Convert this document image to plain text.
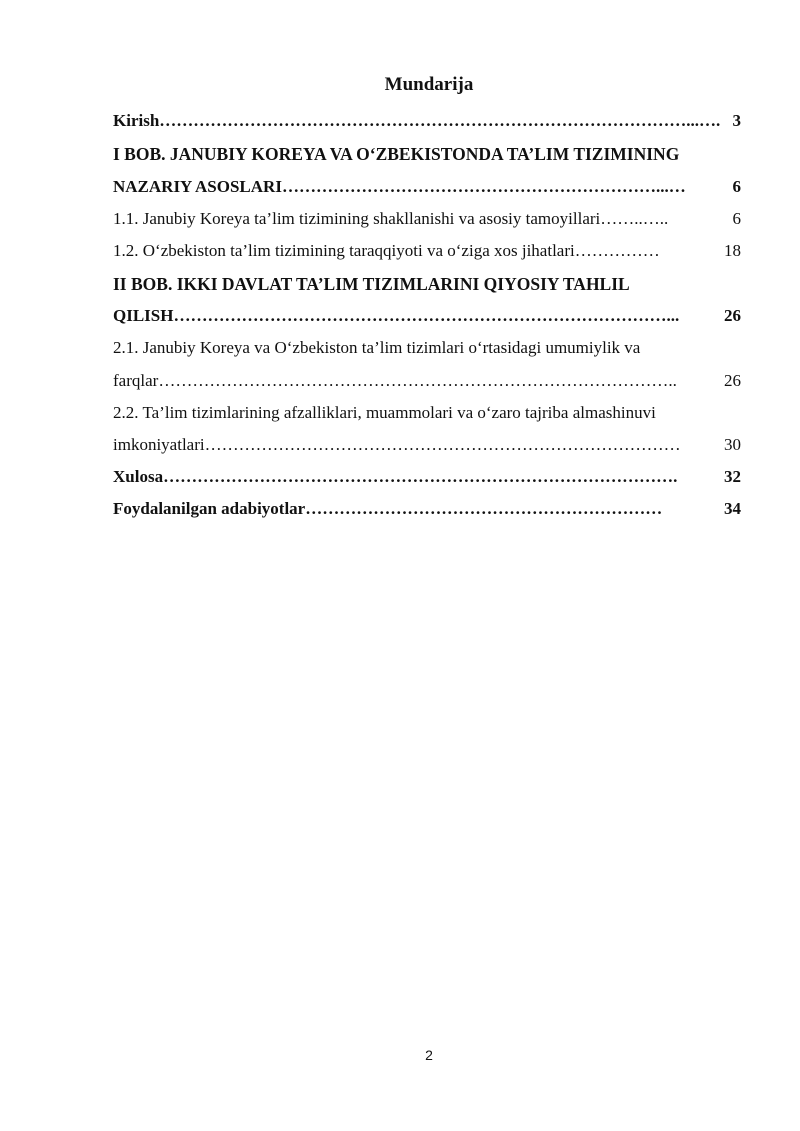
Mundarija
Kirish …………………………………………………………………………………...…. 3
I BOB. JANUBIY KOREYA VA O‘ZBEKISTONDA TA’LIM TIZIMINING
NAZARIY ASOSLARI …………………………………………………………...…	6
1.1. Janubiy Koreya ta’lim tizimining shakllanishi va asosiy tamoyillari ……..…..	6
1.2. O‘zbekiston ta’lim tizimining taraqqiyoti va o‘ziga xos jihatlari ……………	18
II BOB. IKKI DAVLAT TA’LIM TIZIMLARINI QIYOSIY TAHLIL
QILISH ……………………………………………………………………………...	26
2.1. Janubiy Koreya va O‘zbekiston ta’lim tizimlari o‘rtasidagi umumiylik va
farqlar ………………………………………………………………………………..	26
2.2. Ta’lim tizimlarining afzalliklari, muammolari va o‘zaro tajriba almashinuvi
imkoniyatlari …………………………………………………………………………	30
Xulosa ……………………………………………………………………………….	32
Foydalanilgan adabiyotlar ………………………………………………………	34
2
